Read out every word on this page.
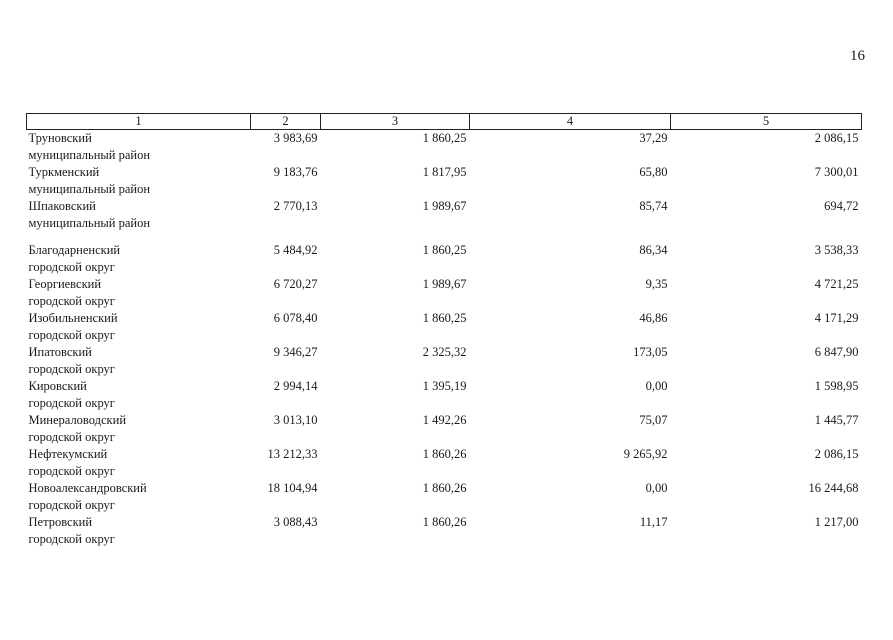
16
1	2	3	4	5

Труновский
муниципальный район	3 983,69	1 860,25	37,29	2 086,15

Туркменский
муниципальный район	9 183,76	1 817,95	65,80	7 300,01

Шпаковский
муниципальный район	2 770,13	1 989,67	85,74	694,72

Благодарненский
городской округ	5 484,92	1 860,25	86,34	3 538,33

Георгиевский
городской округ	6 720,27	1 989,67	9,35	4 721,25

Изобильненский
городской округ	6 078,40	1 860,25	46,86	4 171,29

Ипатовский
городской округ	9 346,27	2 325,32	173,05	6 847,90

Кировский
городской округ	2 994,14	1 395,19	0,00	1 598,95

Минераловодский
городской округ	3 013,10	1 492,26	75,07	1 445,77

Нефтекумский
городской округ	13 212,33	1 860,26	9 265,92	2 086,15

Новоалександровский
городской округ	18 104,94	1 860,26	0,00	16 244,68

Петровский
городской округ	3 088,43	1 860,26	11,17	1 217,00
